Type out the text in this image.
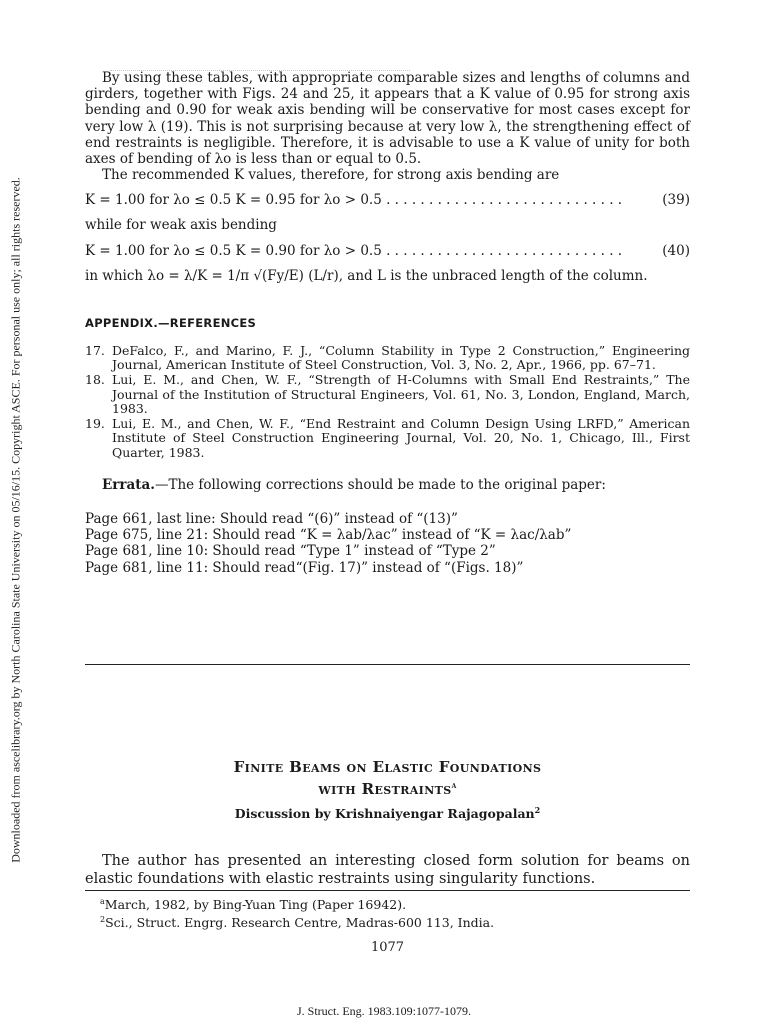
Downloaded from ascelibrary.org by North Carolina State University on 05/16/15. Copyright ASCE. For personal use only; all rights reserved.

By using these tables, with appropriate comparable sizes and lengths of columns and girders, together with Figs. 24 and 25, it appears that a K value of 0.95 for strong axis bending and 0.90 for weak axis bending will be conservative for most cases except for very low λ (19). This is not surprising because at very low λ, the strengthening effect of end restraints is negligible. Therefore, it is advisable to use a K value of unity for both axes of bending of λo is less than or equal to 0.5.

The recommended K values, therefore, for strong axis bending are

K = 1.00 for λo ≤ 0.5 K = 0.95 for λo > 0.5 . . . . . . . . . . . . . . . . . . . . . . . . . . . .	(39)

while for weak axis bending

K = 1.00 for λo ≤ 0.5 K = 0.90 for λo > 0.5 . . . . . . . . . . . . . . . . . . . . . . . . . . . .	(40)

in which λo = λ/K = 1/π √(Fy/E) (L/r), and L is the unbraced length of the column.

APPENDIX.—REFERENCES
17. DeFalco, F., and Marino, F. J., “Column Stability in Type 2 Construction,” Engineering Journal, American Institute of Steel Construction, Vol. 3, No. 2, Apr., 1966, pp. 67–71.
18. Lui, E. M., and Chen, W. F., “Strength of H-Columns with Small End Restraints,” The Journal of the Institution of Structural Engineers, Vol. 61, No. 3, London, England, March, 1983.
19. Lui, E. M., and Chen, W. F., “End Restraint and Column Design Using LRFD,” American Institute of Steel Construction Engineering Journal, Vol. 20, No. 1, Chicago, Ill., First Quarter, 1983.

Errata.—The following corrections should be made to the original paper:

Page 661, last line: Should read “(6)” instead of “(13)”
Page 675, line 21: Should read “K = λab/λac” instead of “K = λac/λab”
Page 681, line 10: Should read “Type 1” instead of “Type 2”
Page 681, line 11: Should read“(Fig. 17)” instead of “(Figs. 18)”
Finite Beams on Elastic Foundations
with Restraints$^a$
Discussion by Krishnaiyengar Rajagopalan$^2$

The author has presented an interesting closed form solution for beams on elastic foundations with elastic restraints using singularity functions.

$^a$March, 1982, by Bing-Yuan Ting (Paper 16942).
$^2$Sci., Struct. Engrg. Research Centre, Madras-600 113, India.
1077
J. Struct. Eng. 1983.109:1077-1079.
